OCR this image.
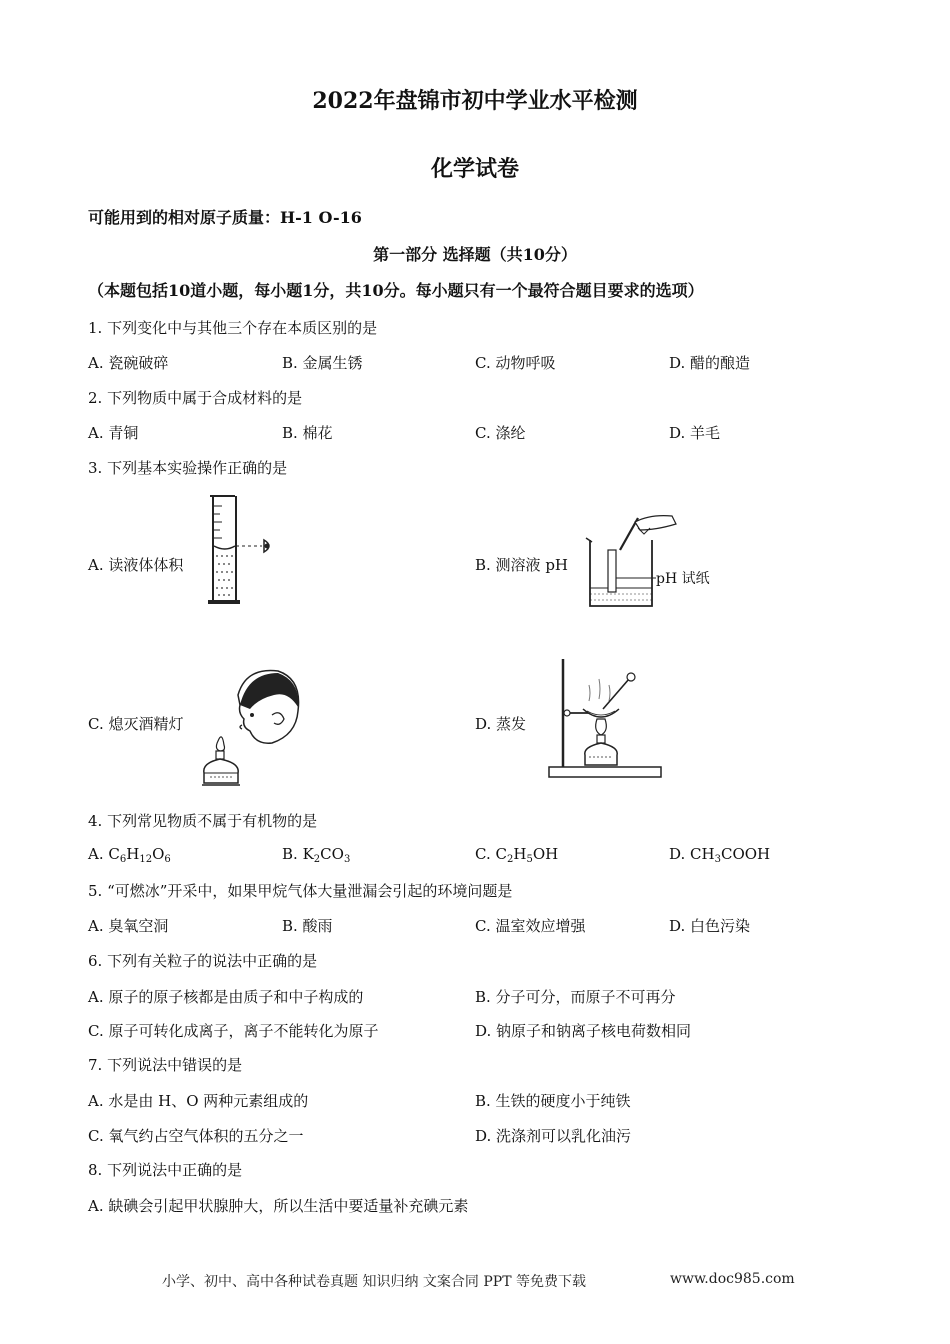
2022年盘锦市初中学业水平检测
化学试卷
可能用到的相对原子质量：H-1 O-16
第一部分 选择题（共10分）
（本题包括10道小题，每小题1分，共10分。每小题只有一个最符合题目要求的选项）
1. 下列变化中与其他三个存在本质区别的是
A. 瓷碗破碎	B. 金属生锈	C. 动物呼吸	D. 醋的酿造
2. 下列物质中属于合成材料的是
A. 青铜	B. 棉花	C. 涤纶	D. 羊毛
3. 下列基本实验操作正确的是
A. 读液体体积	B. 测溶液 pH
C. 熄灭酒精灯	D. 蒸发
pH 试纸
4. 下列常见物质不属于有机物的是
A. $C_6H_{12}O_6$	B. $K_2CO_3$	C. $C_2H_5OH$	D. $CH_3COOH$
5. “可燃冰”开采中，如果甲烷气体大量泄漏会引起的环境问题是
A. 臭氧空洞	B. 酸雨	C. 温室效应增强	D. 白色污染
6. 下列有关粒子的说法中正确的是
A. 原子的原子核都是由质子和中子构成的	B. 分子可分，而原子不可再分
C. 原子可转化成离子，离子不能转化为原子	D. 钠原子和钠离子核电荷数相同
7. 下列说法中错误的是
A. 水是由 H、O 两种元素组成的	B. 生铁的硬度小于纯铁
C. 氧气约占空气体积的五分之一	D. 洗涤剂可以乳化油污
8. 下列说法中正确的是
A. 缺碘会引起甲状腺肿大，所以生活中要适量补充碘元素
小学、初中、高中各种试卷真题 知识归纳 文案合同 PPT 等免费下载	www.doc985.com
